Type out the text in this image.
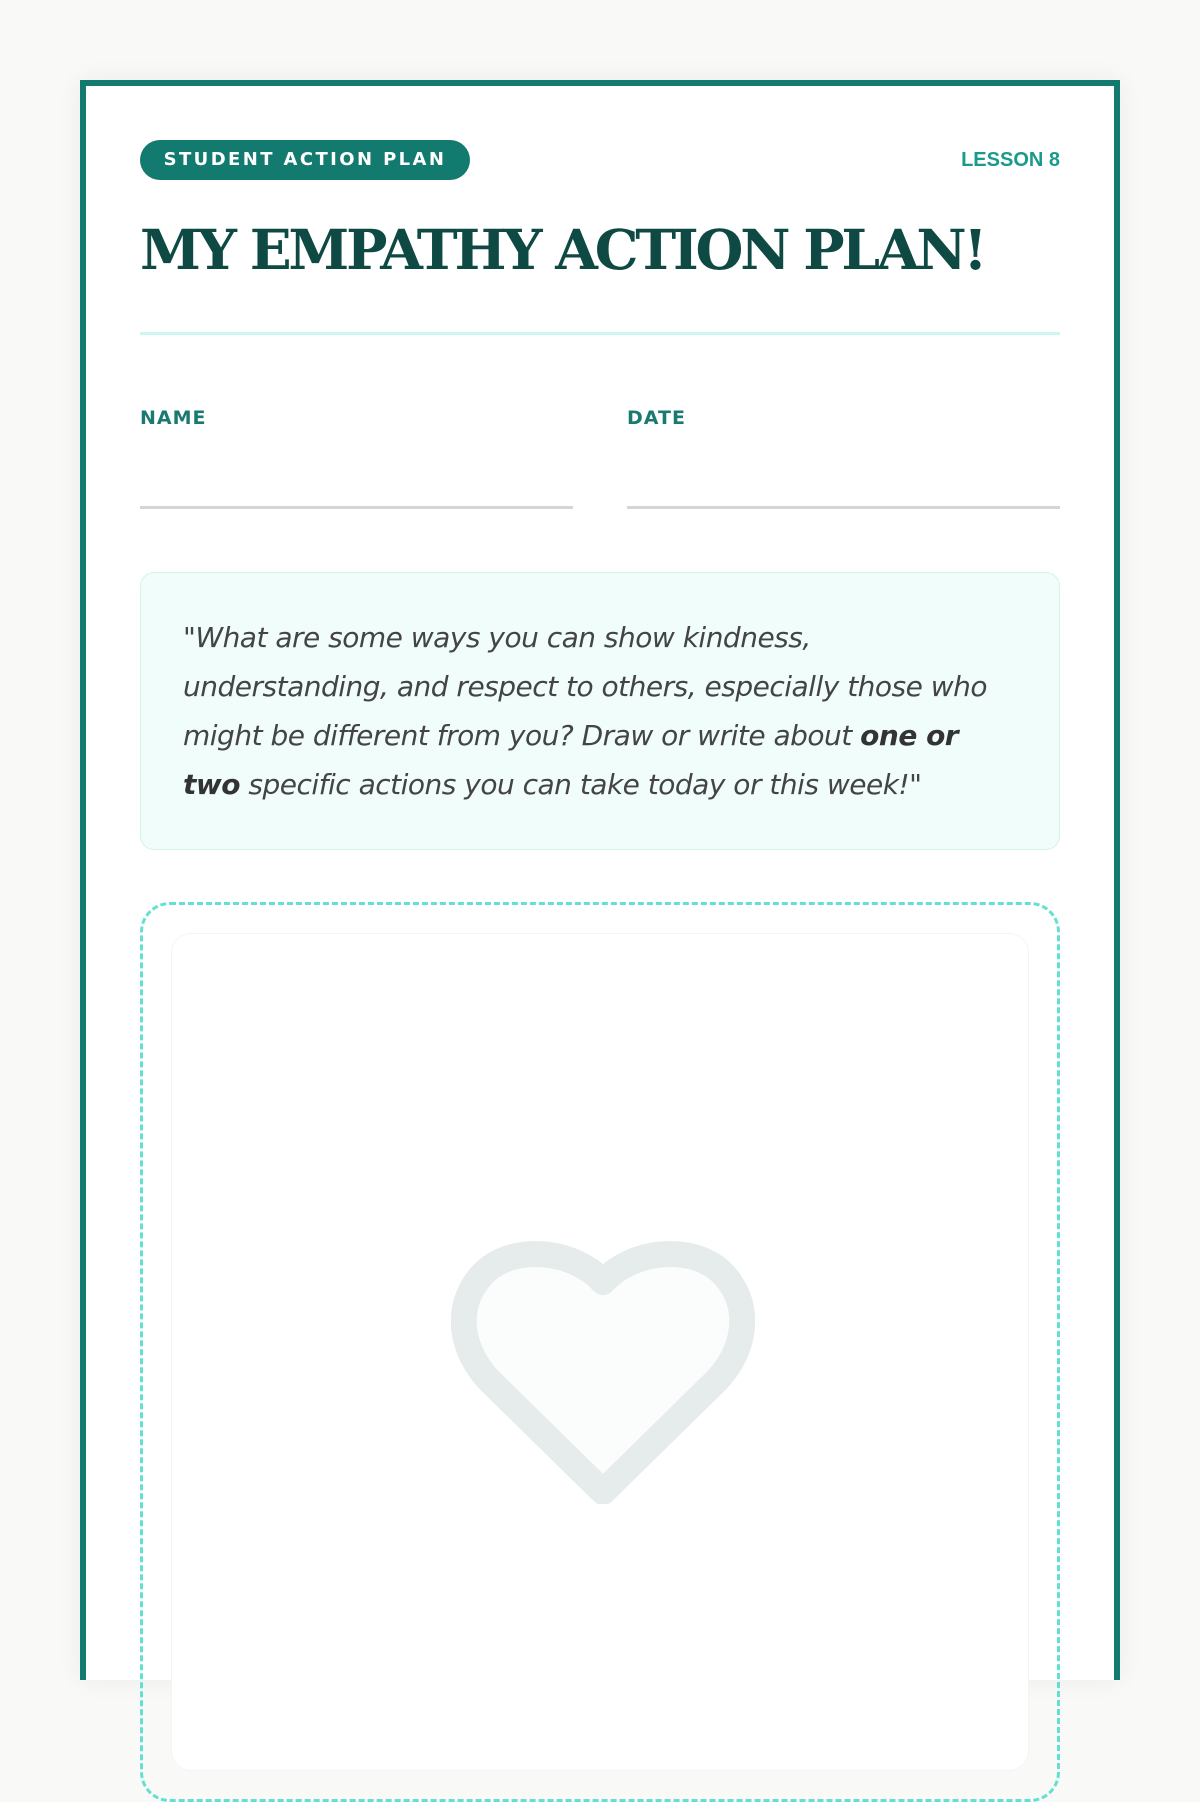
STUDENT ACTION PLAN	LESSON 8
MY EMPATHY ACTION PLAN!
NAME	DATE

"What are some ways you can show kindness, understanding, and respect to others, especially those who might be different from you? Draw or write about one or two specific actions you can take today or this week!"
